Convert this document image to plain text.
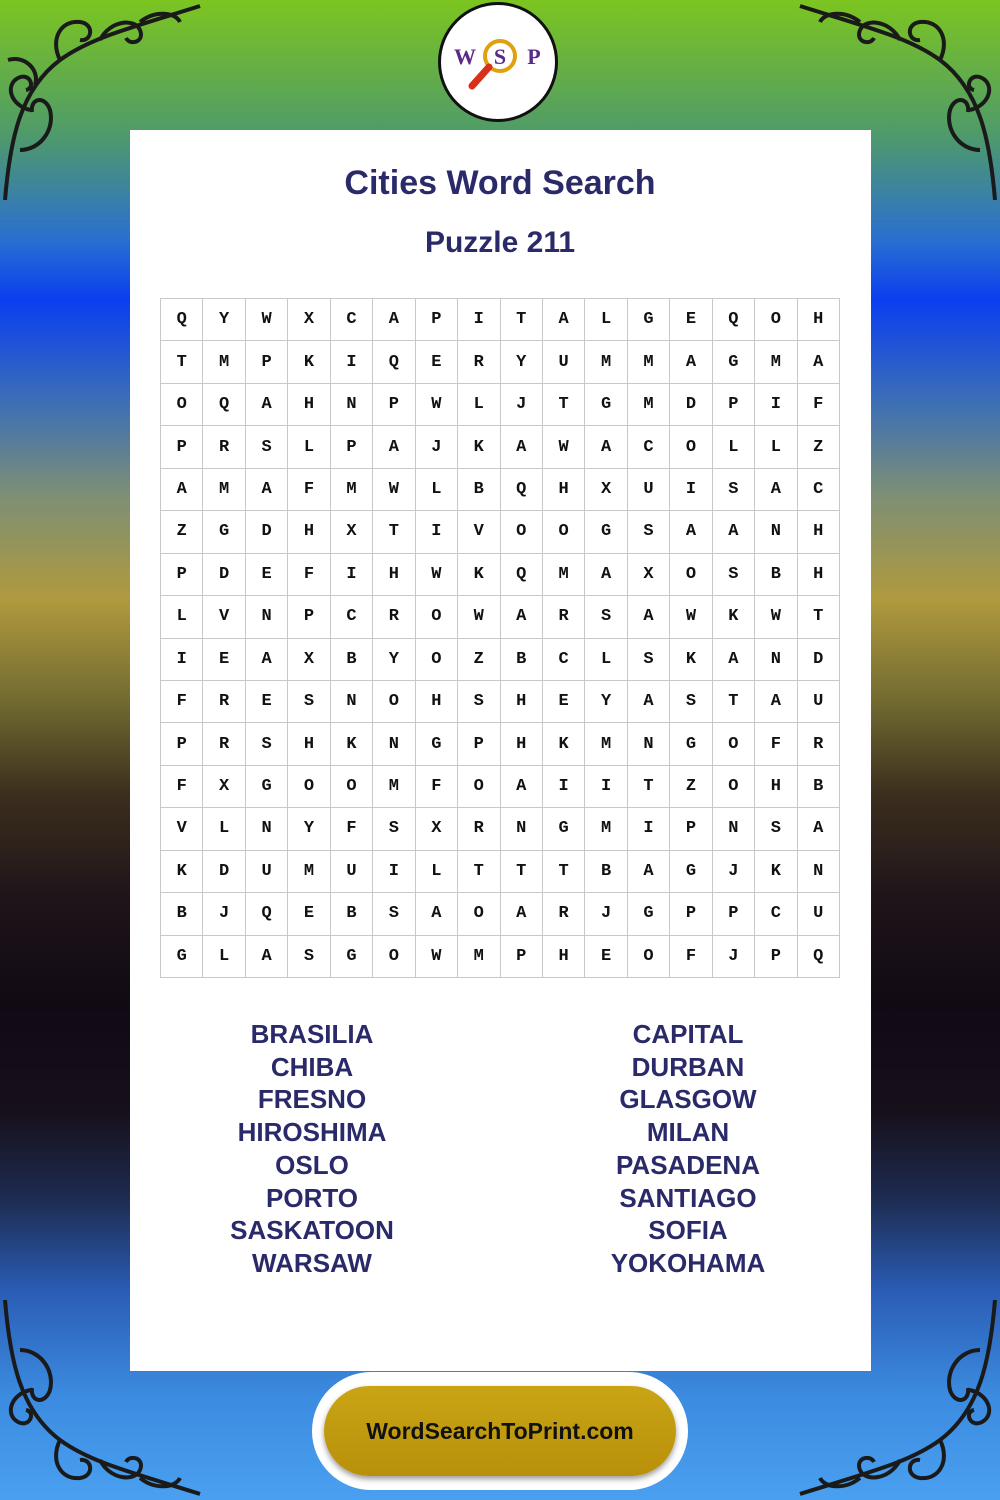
W S P
Cities Word Search
Puzzle 211
Q	Y	W	X	C	A	P	I	T	A	L	G	E	Q	O	H
T	M	P	K	I	Q	E	R	Y	U	M	M	A	G	M	A
O	Q	A	H	N	P	W	L	J	T	G	M	D	P	I	F
P	R	S	L	P	A	J	K	A	W	A	C	O	L	L	Z
A	M	A	F	M	W	L	B	Q	H	X	U	I	S	A	C
Z	G	D	H	X	T	I	V	O	O	G	S	A	A	N	H
P	D	E	F	I	H	W	K	Q	M	A	X	O	S	B	H
L	V	N	P	C	R	O	W	A	R	S	A	W	K	W	T
I	E	A	X	B	Y	O	Z	B	C	L	S	K	A	N	D
F	R	E	S	N	O	H	S	H	E	Y	A	S	T	A	U
P	R	S	H	K	N	G	P	H	K	M	N	G	O	F	R
F	X	G	O	O	M	F	O	A	I	I	T	Z	O	H	B
V	L	N	Y	F	S	X	R	N	G	M	I	P	N	S	A
K	D	U	M	U	I	L	T	T	T	B	A	G	J	K	N
B	J	Q	E	B	S	A	O	A	R	J	G	P	P	C	U
G	L	A	S	G	O	W	M	P	H	E	O	F	J	P	Q
BRASILIA
CHIBA
FRESNO
HIROSHIMA
OSLO
PORTO
SASKATOON
WARSAW
CAPITAL
DURBAN
GLASGOW
MILAN
PASADENA
SANTIAGO
SOFIA
YOKOHAMA
WordSearchToPrint.com
